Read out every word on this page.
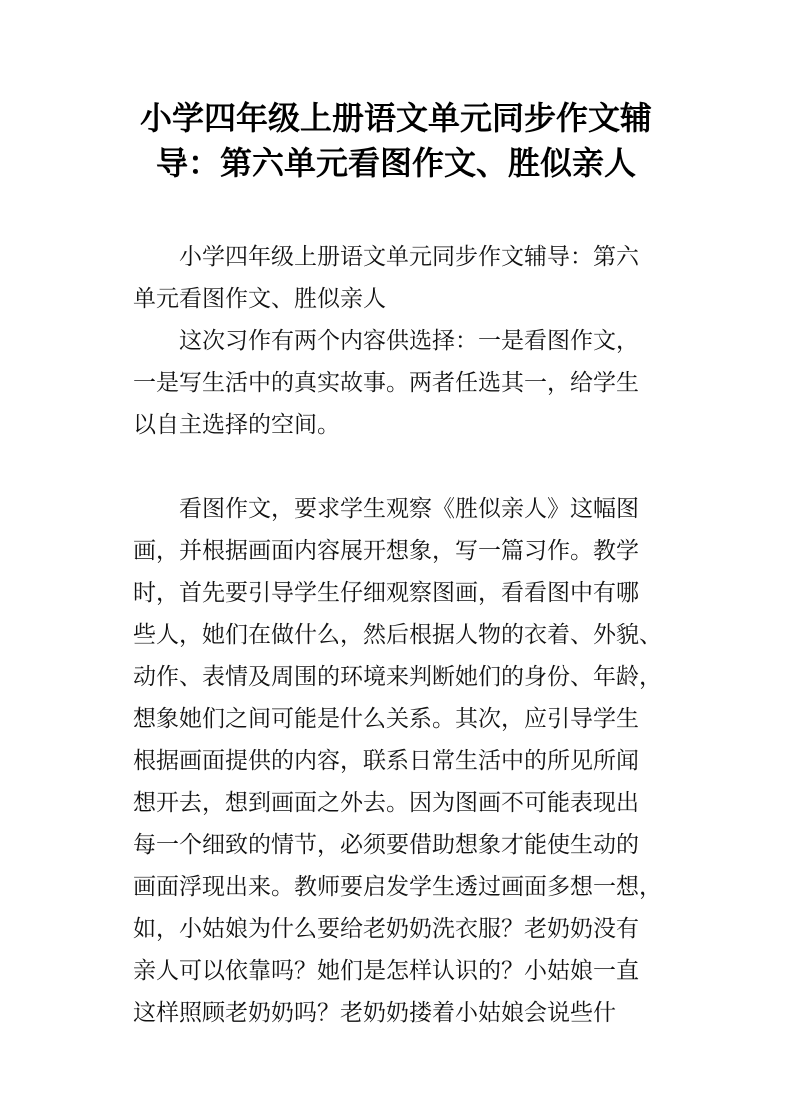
小学四年级上册语文单元同步作文辅
导：第六单元看图作文、胜似亲人

小学四年级上册语文单元同步作文辅导：第六
单元看图作文、胜似亲人

这次习作有两个内容供选择：一是看图作文，
一是写生活中的真实故事。两者任选其一，给学生
以自主选择的空间。

看图作文，要求学生观察《胜似亲人》这幅图
画，并根据画面内容展开想象，写一篇习作。教学
时，首先要引导学生仔细观察图画，看看图中有哪
些人，她们在做什么，然后根据人物的衣着、外貌、
动作、表情及周围的环境来判断她们的身份、年龄，
想象她们之间可能是什么关系。其次，应引导学生
根据画面提供的内容，联系日常生活中的所见所闻
想开去，想到画面之外去。因为图画不可能表现出
每一个细致的情节，必须要借助想象才能使生动的
画面浮现出来。教师要启发学生透过画面多想一想，
如，小姑娘为什么要给老奶奶洗衣服？老奶奶没有
亲人可以依靠吗？她们是怎样认识的？小姑娘一直
这样照顾老奶奶吗？老奶奶搂着小姑娘会说些什
